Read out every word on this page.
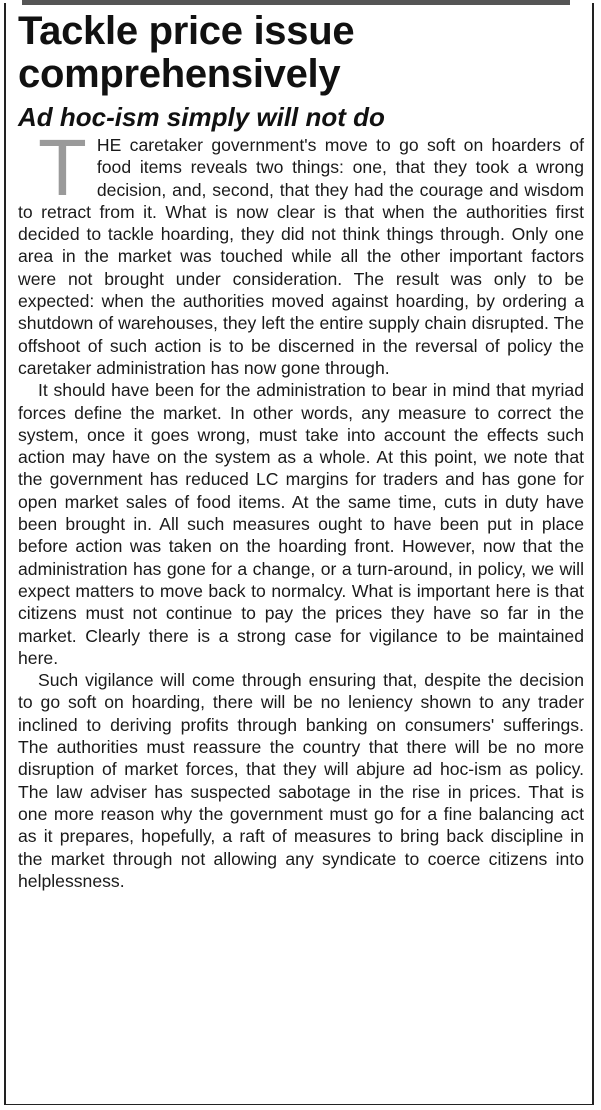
Tackle price issue comprehensively
Ad hoc-ism simply will not do

THE caretaker government's move to go soft on hoarders of food items reveals two things: one, that they took a wrong decision, and, second, that they had the courage and wisdom to retract from it. What is now clear is that when the authorities first decided to tackle hoarding, they did not think things through. Only one area in the market was touched while all the other important factors were not brought under consideration. The result was only to be expected: when the authorities moved against hoarding, by ordering a shutdown of warehouses, they left the entire supply chain disrupted. The offshoot of such action is to be discerned in the reversal of policy the caretaker administration has now gone through.

It should have been for the administration to bear in mind that myriad forces define the market. In other words, any measure to correct the system, once it goes wrong, must take into account the effects such action may have on the system as a whole. At this point, we note that the government has reduced LC margins for traders and has gone for open market sales of food items. At the same time, cuts in duty have been brought in. All such measures ought to have been put in place before action was taken on the hoarding front. However, now that the administration has gone for a change, or a turn-around, in policy, we will expect matters to move back to normalcy. What is important here is that citizens must not continue to pay the prices they have so far in the market. Clearly there is a strong case for vigilance to be maintained here.

Such vigilance will come through ensuring that, despite the decision to go soft on hoarding, there will be no leniency shown to any trader inclined to deriving profits through banking on consumers' sufferings. The authorities must reassure the country that there will be no more disruption of market forces, that they will abjure ad hoc-ism as policy. The law adviser has suspected sabotage in the rise in prices. That is one more reason why the government must go for a fine balancing act as it prepares, hopefully, a raft of measures to bring back discipline in the market through not allowing any syndicate to coerce citizens into helplessness.
